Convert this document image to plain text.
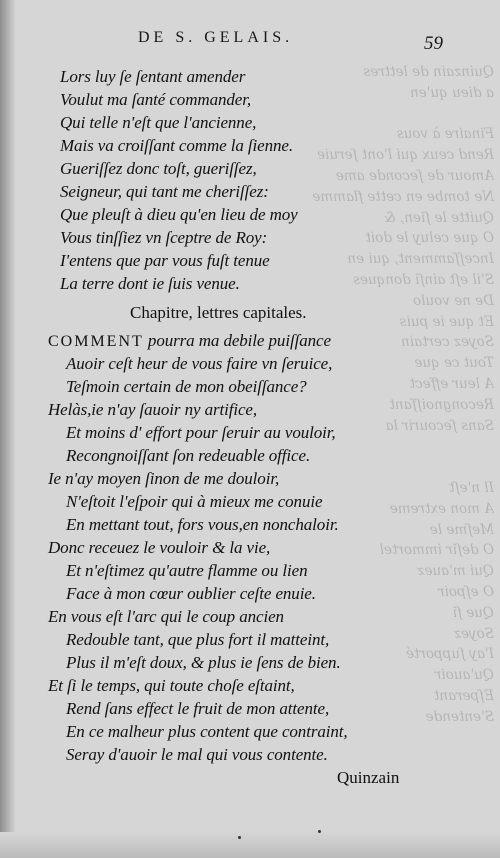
Quinzain de lettres
a dieu qu'en

Finaire à vous
Rend ceux qui l'ont ſeruie
Amour de ſeconde ame
Ne tombe en cette flamme
Quitte le ſien, &
O que celuy le doit
Inceſſamment, qui en
S'il eſt ainſi donques
De ne voulo
Et que ie puis
Soyez certain
Tout ce que
A leur effect
Recongnoiſſant
Sans ſecourir la

Il n'eſt
A mon extreme
Meſme le
O deſir immortel
Qui m'auez
O eſpoir
Que ſi
Soyez
I'ay ſupporté
Qu'auoir
Eſperant
S'entende
DE S. GELAIS.	59
Lors luy ſe ſentant amender
Voulut ma ſanté commander,
Qui telle n'eſt que l'ancienne,
Mais va croiſſant comme la ſienne.
Gueriſſez donc toſt, gueriſſez,
Seigneur, qui tant me cheriſſez:
Que pleuſt à dieu qu'en lieu de moy
Vous tinſſiez vn ſceptre de Roy:
I'entens que par vous fuſt tenue
La terre dont ie ſuis venue.
Chapitre, lettres capitales.
COMMENT pourra ma debile puiſſance
Auoir ceſt heur de vous faire vn ſeruice,
Teſmoin certain de mon obeiſſance?
Helàs,ie n'ay ſauoir ny artifice,
Et moins d' effort pour ſeruir au vouloir,
Recongnoiſſant ſon redeuable office.
Ie n'ay moyen ſinon de me douloir,
N'eſtoit l'eſpoir qui à mieux me conuie
En mettant tout, fors vous,en nonchaloir.
Donc receuez le vouloir & la vie,
Et n'eſtimez qu'autre flamme ou lien
Face à mon cœur oublier ceſte enuie.
En vous eſt l'arc qui le coup ancien
Redouble tant, que plus fort il matteint,
Plus il m'eſt doux, & plus ie ſens de bien.
Et ſi le temps, qui toute choſe eſtaint,
Rend ſans effect le fruit de mon attente,
En ce malheur plus content que contraint,
Seray d'auoir le mal qui vous contente.
Quinzain
